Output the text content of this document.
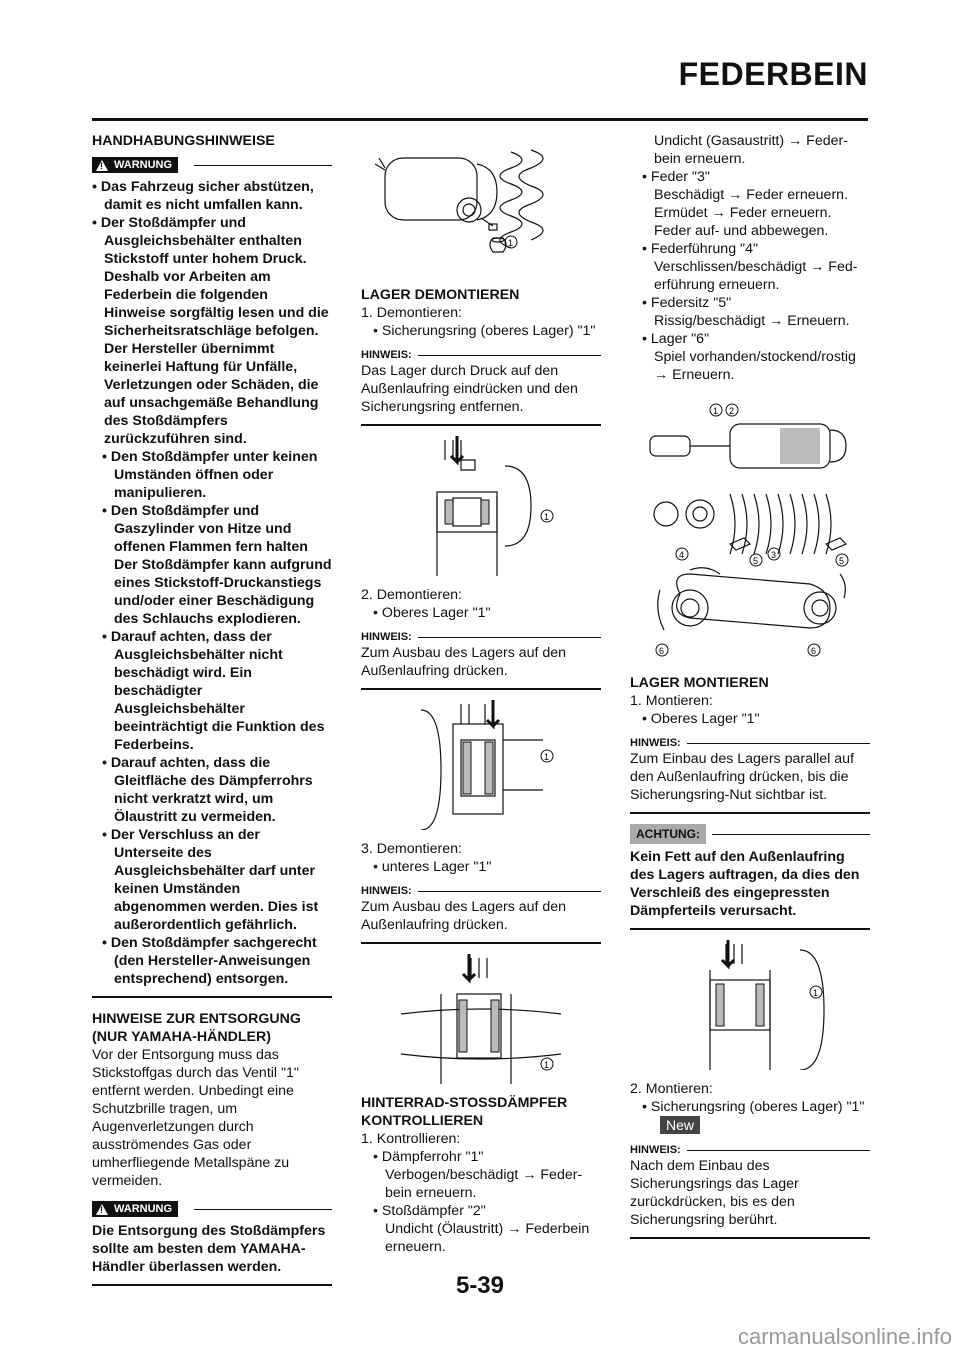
FEDERBEIN

HANDHABUNGSHINWEISE

! WARNUNG

• Das Fahrzeug sicher abstützen, damit es nicht umfallen kann.

• Der Stoßdämpfer und Ausgleichsbehälter enthalten Stickstoff unter hohem Druck. Deshalb vor Arbeiten am Federbein die folgenden Hinweise sorgfältig lesen und die Sicherheitsratschläge befolgen. Der Hersteller übernimmt keinerlei Haftung für Unfälle, Verletzungen oder Schäden, die auf unsachgemäße Behandlung des Stoßdämpfers zurückzuführen sind.

• Den Stoßdämpfer unter keinen Umständen öffnen oder manipulieren.

• Den Stoßdämpfer und Gaszylinder von Hitze und offenen Flammen fern halten Der Stoßdämpfer kann aufgrund eines Stickstoff-Druckanstiegs und/oder einer Beschädigung des Schlauchs explodieren.

• Darauf achten, dass der Ausgleichsbehälter nicht beschädigt wird. Ein beschädigter Ausgleichsbehälter beeinträchtigt die Funktion des Federbeins.

• Darauf achten, dass die Gleitfläche des Dämpferrohrs nicht verkratzt wird, um Ölaustritt zu vermeiden.

• Der Verschluss an der Unterseite des Ausgleichsbehälter darf unter keinen Umständen abgenommen werden. Dies ist außerordentlich gefährlich.

• Den Stoßdämpfer sachgerecht (den Hersteller-Anweisungen entsprechend) entsorgen.

HINWEISE ZUR ENTSORGUNG

(NUR YAMAHA-HÄNDLER)

Vor der Entsorgung muss das Stickstoffgas durch das Ventil "1" entfernt werden. Unbedingt eine Schutzbrille tragen, um Augenverletzungen durch ausströmendes Gas oder umherfliegende Metallspäne zu vermeiden.

! WARNUNG

Die Entsorgung des Stoßdämpfers sollte am besten dem YAMAHA-Händler überlassen werden.

1

LAGER DEMONTIEREN

1. Demontieren:

• Sicherungsring (oberes Lager) "1"

HINWEIS:

Das Lager durch Druck auf den Außenlaufring eindrücken und den Sicherungsring entfernen.

1

2. Demontieren:

• Oberes Lager "1"

HINWEIS:

Zum Ausbau des Lagers auf den Außenlaufring drücken.

1

3. Demontieren:

• unteres Lager "1"

HINWEIS:

Zum Ausbau des Lagers auf den Außenlaufring drücken.

1

HINTERRAD-STOSSDÄMPFER

KONTROLLIEREN

1. Kontrollieren:

• Dämpferrohr "1"

Verbogen/beschädigt → Feder-bein erneuern.

• Stoßdämpfer "2"

Undicht (Ölaustritt) → Federbein erneuern.

Undicht (Gasaustritt) → Feder-bein erneuern.

• Feder "3"

Beschädigt → Feder erneuern.

Ermüdet → Feder erneuern.

Feder auf- und abbewegen.

• Federführung "4"

Verschlissen/beschädigt → Fed-erführung erneuern.

• Federsitz "5"

Rissig/beschädigt → Erneuern.

• Lager "6"

Spiel vorhanden/stockend/rostig → Erneuern.

1 2
4
5
3
5
6	6

LAGER MONTIEREN

1. Montieren:

• Oberes Lager "1"

HINWEIS:

Zum Einbau des Lagers parallel auf den Außenlaufring drücken, bis die Sicherungsring-Nut sichtbar ist.

ACHTUNG:

Kein Fett auf den Außenlaufring des Lagers auftragen, da dies den Verschleiß des eingepressten Dämpferteils verursacht.

1

2. Montieren:

• Sicherungsring (oberes Lager) "1"New

HINWEIS:

Nach dem Einbau des Sicherungsrings das Lager zurückdrücken, bis es den Sicherungsring berührt.

5-39
carmanualsonline.info
